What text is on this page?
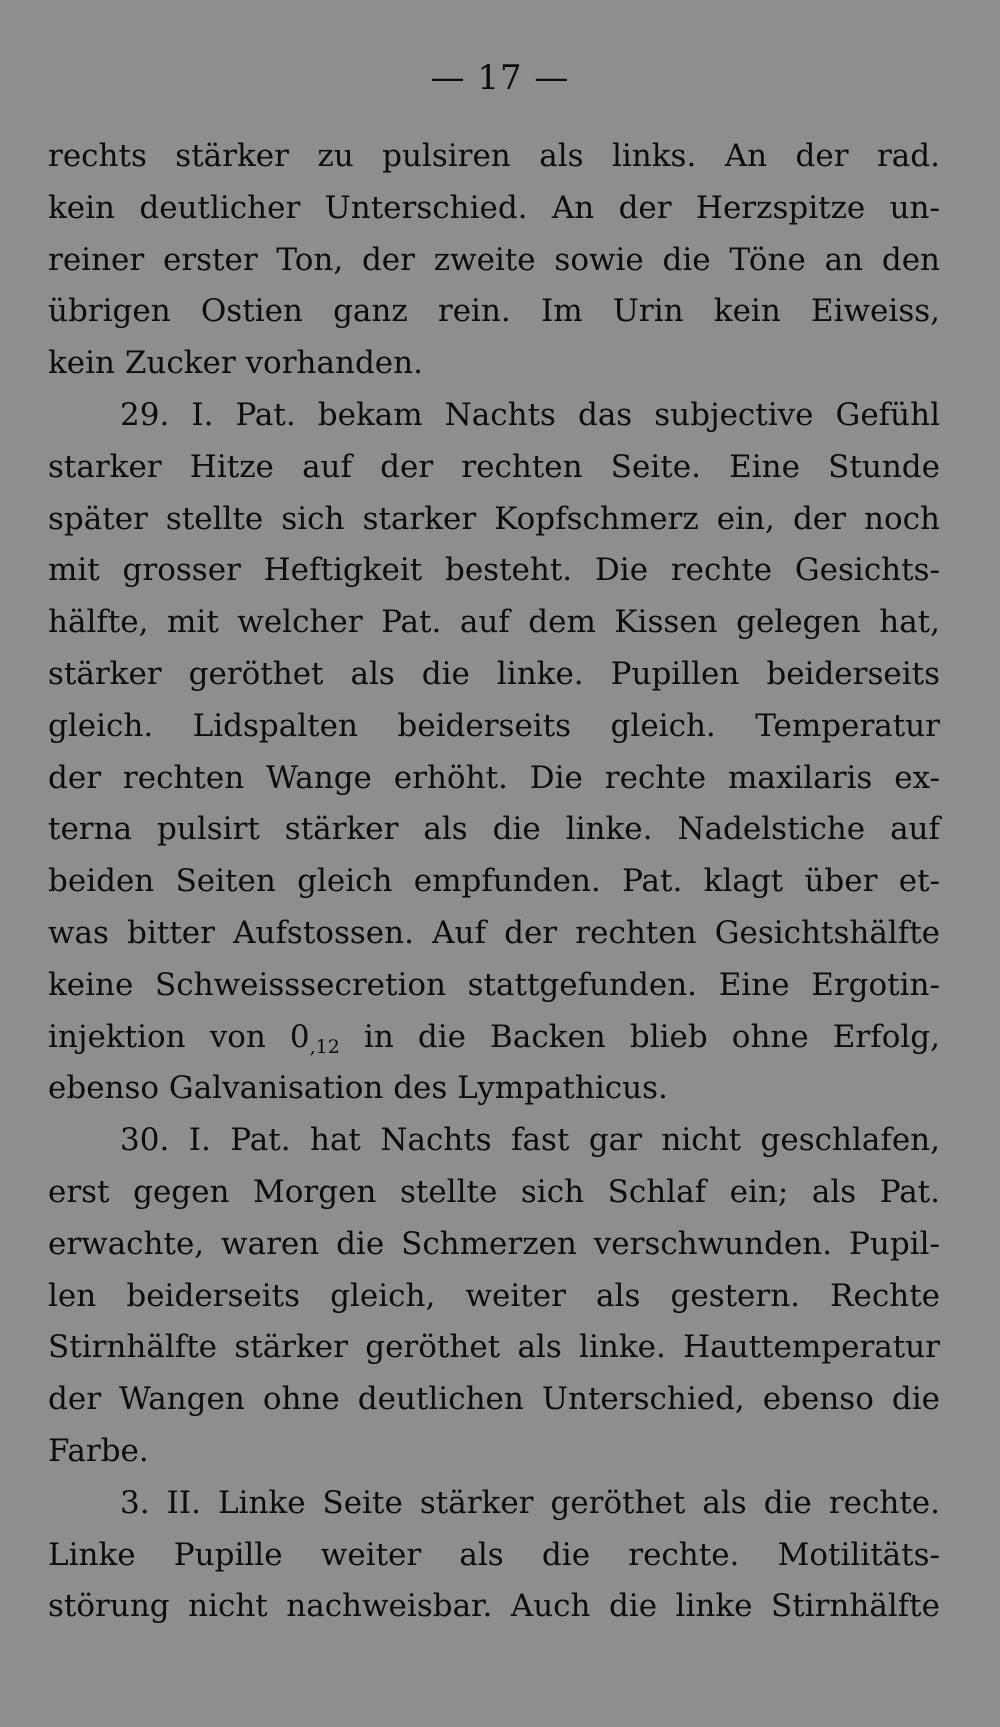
— 17 —
rechts stärker zu pulsiren als links. An der rad.
kein deutlicher Unterschied. An der Herzspitze un-
reiner erster Ton, der zweite sowie die Töne an den
übrigen Ostien ganz rein. Im Urin kein Eiweiss,
kein Zucker vorhanden.
29. I. Pat. bekam Nachts das subjective Gefühl
starker Hitze auf der rechten Seite. Eine Stunde
später stellte sich starker Kopfschmerz ein, der noch
mit grosser Heftigkeit besteht. Die rechte Gesichts-
hälfte, mit welcher Pat. auf dem Kissen gelegen hat,
stärker geröthet als die linke. Pupillen beiderseits
gleich. Lidspalten beiderseits gleich. Temperatur
der rechten Wange erhöht. Die rechte maxilaris ex-
terna pulsirt stärker als die linke. Nadelstiche auf
beiden Seiten gleich empfunden. Pat. klagt über et-
was bitter Aufstossen. Auf der rechten Gesichtshälfte
keine Schweisssecretion stattgefunden. Eine Ergotin-
injektion von $0_{,12}$ in die Backen blieb ohne Erfolg,
ebenso Galvanisation des Lympathicus.
30. I. Pat. hat Nachts fast gar nicht geschlafen,
erst gegen Morgen stellte sich Schlaf ein; als Pat.
erwachte, waren die Schmerzen verschwunden. Pupil-
len beiderseits gleich, weiter als gestern. Rechte
Stirnhälfte stärker geröthet als linke. Hauttemperatur
der Wangen ohne deutlichen Unterschied, ebenso die
Farbe.
3. II. Linke Seite stärker geröthet als die rechte.
Linke Pupille weiter als die rechte. Motilitäts-
störung nicht nachweisbar. Auch die linke Stirnhälfte
